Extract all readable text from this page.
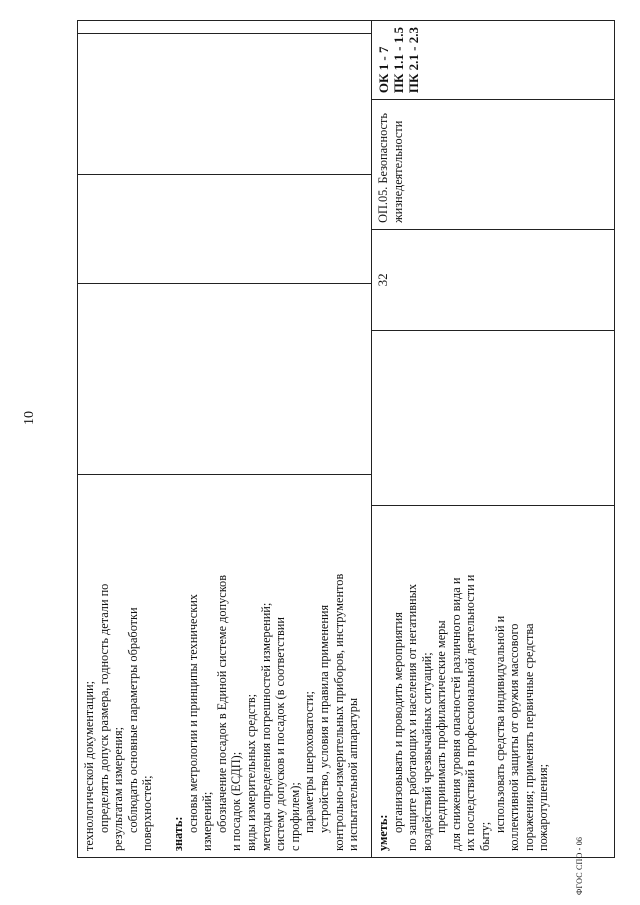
10
технологической документации; определять допуск размера, годность детали по результатам измерения; соблюдать основные параметры обработки поверхностей; знать:
основы метрологии и принципы технических измерений; обозначение посадок в Единой системе допусков и посадок (ЕСДП); виды измерительных средств; методы определения погрешностей измерений; систему допусков и посадок (в соответствии с профилем); параметры шероховатости; устройство, условия и правила применения контрольно-измерительных приборов, инструментов и испытательной аппаратуры уметь: организовывать и проводить мероприятия по защите работающих и населения от негативных воздействий чрезвычайных ситуаций; предпринимать профилактические меры для снижения уровня опасностей различного вида и их последствий в профессиональной деятельности и быту;
использовать средства индивидуальной и коллективной защиты от оружия массового поражения; применять первичные средства пожаротушения;
32
ОП.05. Безопасность жизнедеятельности
ОК 1 - 7 ПК 1.1 - 1.5 ПК 2.1 - 2.3
ФГОС СПО - 06
